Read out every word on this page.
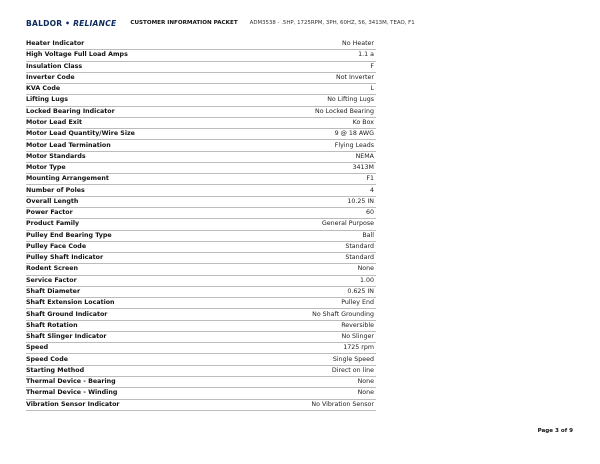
BALDOR • RELIANCE	CUSTOMER INFORMATION PACKET ADM3538 - .5HP, 1725RPM, 3PH, 60HZ, 56, 3413M, TEAO, F1
Heater Indicator	No Heater
High Voltage Full Load Amps	1.1 a
Insulation Class	F
Inverter Code	Not Inverter
KVA Code	L
Lifting Lugs	No Lifting Lugs
Locked Bearing Indicator	No Locked Bearing
Motor Lead Exit	Ko Box
Motor Lead Quantity/Wire Size	9 @ 18 AWG
Motor Lead Termination	Flying Leads
Motor Standards	NEMA
Motor Type	3413M
Mounting Arrangement	F1
Number of Poles	4
Overall Length	10.25 IN
Power Factor	60
Product Family	General Purpose
Pulley End Bearing Type	Ball
Pulley Face Code	Standard
Pulley Shaft Indicator	Standard
Rodent Screen	None
Service Factor	1.00
Shaft Diameter	0.625 IN
Shaft Extension Location	Pulley End
Shaft Ground Indicator	No Shaft Grounding
Shaft Rotation	Reversible
Shaft Slinger Indicator	No Slinger
Speed	1725 rpm
Speed Code	Single Speed
Starting Method	Direct on line
Thermal Device - Bearing	None
Thermal Device - Winding	None
Vibration Sensor Indicator	No Vibration Sensor
Page 3 of 9
